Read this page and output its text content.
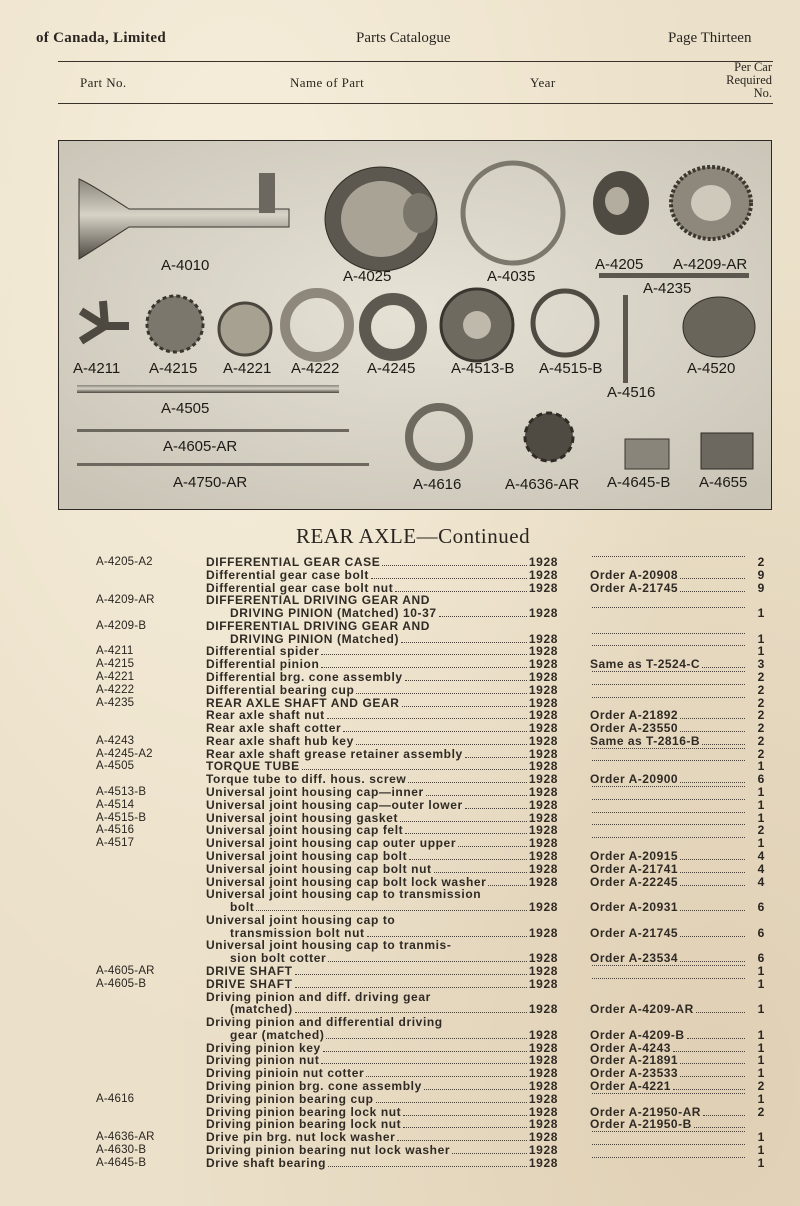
of Canada, Limited	Parts Catalogue	Page Thirteen
Part No.	Name of Part	Year
Per Car
Required
No.
A-4010
A-4025	A-4035
A-4205 A-4209-AR
A-4235
A-4211 A-4215 A-4221 A-4222 A-4245 A-4513-B A-4515-B
A-4516
A-4520
A-4505
A-4605-AR
A-4750-AR	A-4616	A-4636-AR A-4645-B A-4655
REAR AXLE—Continued
A-4205-A2	DIFFERENTIAL GEAR CASE	1928	2
Differential gear case bolt	1928	Order A-20908	9
Differential gear case bolt nut	1928	Order A-21745	9
A-4209-AR	DIFFERENTIAL DRIVING GEAR AND
DRIVING PINION (Matched) 10-37	1928	1
A-4209-B	DIFFERENTIAL DRIVING GEAR AND
DRIVING PINION (Matched)	1928	1
A-4211	Differential spider	1928	1
A-4215	Differential pinion	1928	Same as T-2524-C	3
A-4221	Differential brg. cone assembly	1928	2
A-4222	Differential bearing cup	1928	2
A-4235	REAR AXLE SHAFT AND GEAR	1928	2
Rear axle shaft nut	1928	Order A-21892	2
Rear axle shaft cotter	1928	Order A-23550	2
A-4243	Rear axle shaft hub key	1928	Same as T-2816-B	2
A-4245-A2	Rear axle shaft grease retainer assembly	1928	2
A-4505	TORQUE TUBE	1928	1
Torque tube to diff. hous. screw	1928	Order A-20900	6
A-4513-B	Universal joint housing cap—inner	1928	1
A-4514	Universal joint housing cap—outer lower	1928	1
A-4515-B	Universal joint housing gasket	1928	1
A-4516	Universal joint housing cap felt	1928	2
A-4517	Universal joint housing cap outer upper	1928	1
Universal joint housing cap bolt	1928	Order A-20915	4
Universal joint housing cap bolt nut	1928	Order A-21741	4
Universal joint housing cap bolt lock washer	1928	Order A-22245	4
Universal joint housing cap to transmission
bolt	1928	Order A-20931	6
Universal joint housing cap to
transmission bolt nut	1928	Order A-21745	6
Universal joint housing cap to tranmis-
sion bolt cotter	1928	Order A-23534	6
A-4605-AR	DRIVE SHAFT	1928	1
A-4605-B	DRIVE SHAFT	1928	1
Driving pinion and diff. driving gear
(matched)	1928	Order A-4209-AR	1
Driving pinion and differential driving
gear (matched)	1928	Order A-4209-B	1
Driving pinion key	1928	Order A-4243	1
Driving pinion nut	1928	Order A-21891	1
Driving pinioin nut cotter	1928	Order A-23533	1
Driving pinion brg. cone assembly	1928	Order A-4221	2
A-4616	Driving pinion bearing cup	1928	1
Driving pinion bearing lock nut	1928	Order A-21950-AR	2
Driving pinion bearing lock nut	1928	Order A-21950-B
A-4636-AR	Drive pin brg. nut lock washer	1928	1
A-4630-B	Driving pinion bearing nut lock washer	1928	1
A-4645-B	Drive shaft bearing	1928	1
